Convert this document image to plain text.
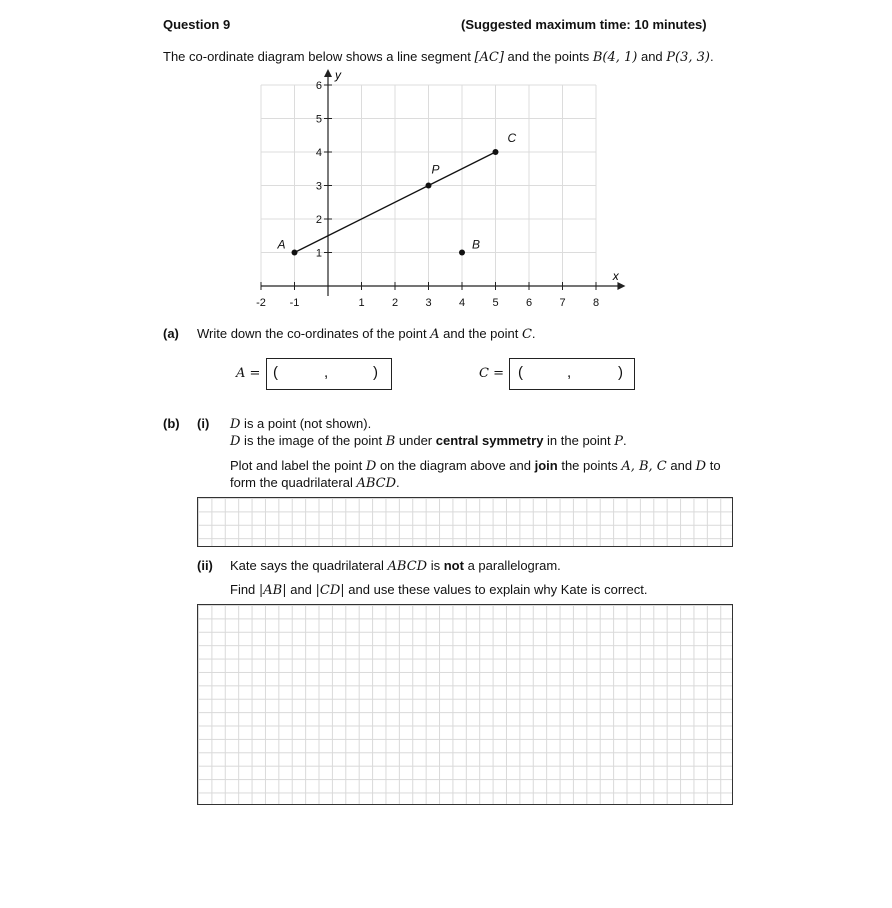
Question 9	(Suggested maximum time: 10 minutes)
The co-ordinate diagram below shows a line segment [AC] and the points B(4, 1) and P(3, 3).
x
y
-2 -1	1 2 3 4 5 6 7 8
1
2
3
4
5
6
A
P
C
B
(a) Write down the co-ordinates of the point A and the point C.
A = (	,	)	C = (	,	)
(b) (i) D is a point (not shown).
D is the image of the point B under central symmetry in the point P.
Plot and label the point D on the diagram above and join the points A, B, C and D to
form the quadrilateral ABCD.
(ii) Kate says the quadrilateral ABCD is not a parallelogram.
Find |AB| and |CD| and use these values to explain why Kate is correct.
